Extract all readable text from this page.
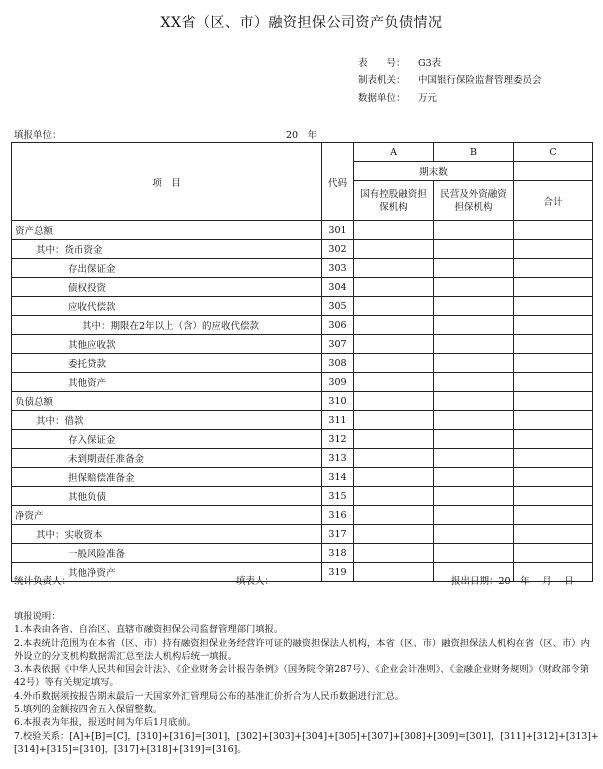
XX省（区、市）融资担保公司资产负债情况
表　　号： G3表
制表机关： 中国银行保险监督管理委员会
数据单位： 万元
填报单位：	20　年
项　目	代码	A	B	C
		期末数		
		国有控股融资担保机构	民营及外资融资担保机构	合计
资产总额	301			
其中：货币资金	302			
存出保证金	303			
债权投资	304			
应收代偿款	305			
其中：期限在2年以上（含）的应收代偿款	306			
其他应收款	307			
委托贷款	308			
其他资产	309			
负债总额	310			
其中：借款	311			
存入保证金	312			
未到期责任准备金	313			
担保赔偿准备金	314			
其他负债	315			
净资产	316			
其中：实收资本	317			
一般风险准备	318			
其他净资产	319			
统计负责人：	填表人：	报出日期：20　年　 月　 日
填报说明：
1.本表由各省、自治区、直辖市融资担保公司监督管理部门填报。
2.本表统计范围为在本省（区、市）持有融资担保业务经营许可证的融资担保法人机构，本省（区、市）融资担保法人机构在省（区、市）内外设立的分支机构数据需汇总至法人机构后统一填报。
3.本表依据《中华人民共和国会计法》、《企业财务会计报告条例》（国务院令第287号）、《企业会计准则》、《金融企业财务规则》（财政部令第42号）等有关规定填写。
4.外币数据须按报告期末最后一天国家外汇管理局公布的基准汇价折合为人民币数据进行汇总。
5.填列的金额按四舍五入保留整数。
6.本报表为年报，报送时间为年后1月底前。
7.校验关系：[A]+[B]=[C]，[310]+[316]=[301]，[302]+[303]+[304]+[305]+[307]+[308]+[309]=[301]，[311]+[312]+[313]+[314]+[315]=[310]，[317]+[318]+[319]=[316]。
